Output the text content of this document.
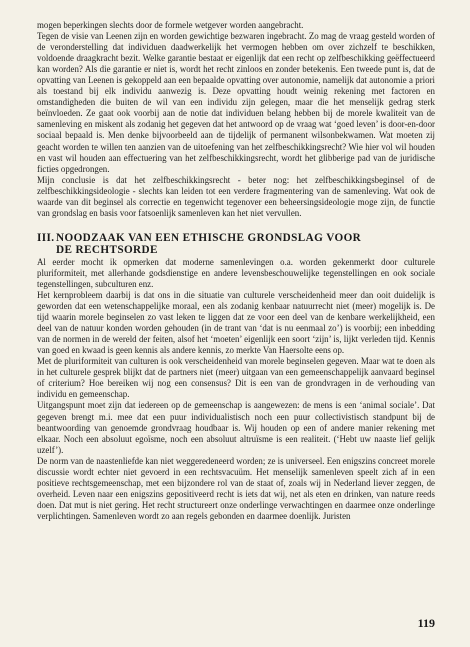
mogen beperkingen slechts door de formele wetgever worden aangebracht.

Tegen de visie van Leenen zijn en worden gewichtige bezwaren ingebracht. Zo mag de vraag gesteld worden of de veronderstelling dat individuen daadwerkelijk het vermogen hebben om over zichzelf te beschikken, voldoende draagkracht bezit. Welke garantie bestaat er eigenlijk dat een recht op zelfbeschikking geëffectueerd kan worden? Als die garantie er niet is, wordt het recht zinloos en zonder betekenis. Een tweede punt is, dat de opvatting van Leenen is gekoppeld aan een bepaalde opvatting over autonomie, namelijk dat autonomie a priori als toestand bij elk individu aanwezig is. Deze opvatting houdt weinig rekening met factoren en omstandigheden die buiten de wil van een individu zijn gelegen, maar die het menselijk gedrag sterk beïnvloeden. Ze gaat ook voorbij aan de notie dat individuen belang hebben bij de morele kwaliteit van de samenleving en miskent als zodanig het gegeven dat het antwoord op de vraag wat ‘goed leven’ is door-en-door sociaal bepaald is. Men denke bijvoorbeeld aan de tijdelijk of permanent wilsonbekwamen. Wat moeten zij geacht worden te willen ten aanzien van de uitoefening van het zelfbeschikkingsrecht? Wie hier vol wil houden en vast wil houden aan effectuering van het zelfbeschikkingsrecht, wordt het glibberige pad van de juridische ficties opgedrongen.

Mijn conclusie is dat het zelfbeschikkingsrecht - beter nog: het zelfbeschikkingsbeginsel of de zelfbeschikkingsideologie - slechts kan leiden tot een verdere fragmentering van de samenleving. Wat ook de waarde van dit beginsel als correctie en tegenwicht tegenover een beheersingsideologie moge zijn, de functie van grondslag en basis voor fatsoenlijk samenleven kan het niet vervullen.

III. NOODZAAK VAN EEN ETHISCHE GRONDSLAG VOOR
DE RECHTSORDE

Al eerder mocht ik opmerken dat moderne samenlevingen o.a. worden gekenmerkt door culturele pluriformiteit, met allerhande godsdienstige en andere levensbeschouwelijke tegenstellingen en ook sociale tegenstellingen, subculturen enz.

Het kernprobleem daarbij is dat ons in die situatie van culturele verscheidenheid meer dan ooit duidelijk is geworden dat een wetenschappelijke moraal, een als zodanig kenbaar natuurrecht niet (meer) mogelijk is. De tijd waarin morele beginselen zo vast leken te liggen dat ze voor een deel van de kenbare werkelijkheid, een deel van de natuur konden worden gehouden (in de trant van ‘dat is nu eenmaal zo’) is voorbij; een inbedding van de normen in de wereld der feiten, alsof het ‘moeten’ eigenlijk een soort ‘zijn’ is, lijkt verleden tijd. Kennis van goed en kwaad is geen kennis als andere kennis, zo merkte Van Haersolte eens op.

Met de pluriformiteit van culturen is ook verscheidenheid van morele beginselen gegeven. Maar wat te doen als in het culturele gesprek blijkt dat de partners niet (meer) uitgaan van een gemeenschappelijk aanvaard beginsel of criterium? Hoe bereiken wij nog een consensus? Dit is een van de grondvragen in de verhouding van individu en gemeenschap.

Uitgangspunt moet zijn dat iedereen op de gemeenschap is aangewezen: de mens is een ‘animal sociale’. Dat gegeven brengt m.i. mee dat een puur individualistisch noch een puur collectivistisch standpunt bij de beantwoording van genoemde grondvraag houdbaar is. Wij houden op een of andere manier rekening met elkaar. Noch een absoluut egoïsme, noch een absoluut altruïsme is een realiteit. (‘Hebt uw naaste lief gelijk uzelf’).

De norm van de naastenliefde kan niet weggeredeneerd worden; ze is universeel. Een enigszins concreet morele discussie wordt echter niet gevoerd in een rechtsvacuüm. Het menselijk samenleven speelt zich af in een positieve rechtsgemeenschap, met een bijzondere rol van de staat of, zoals wij in Nederland liever zeggen, de overheid. Leven naar een enigszins gepositiveerd recht is iets dat wij, net als eten en drinken, van nature reeds doen. Dat mut is niet gering. Het recht structureert onze onderlinge verwachtingen en daarmee onze onderlinge verplichtingen. Samenleven wordt zo aan regels gebonden en daarmee doenlijk. Juristen

119
